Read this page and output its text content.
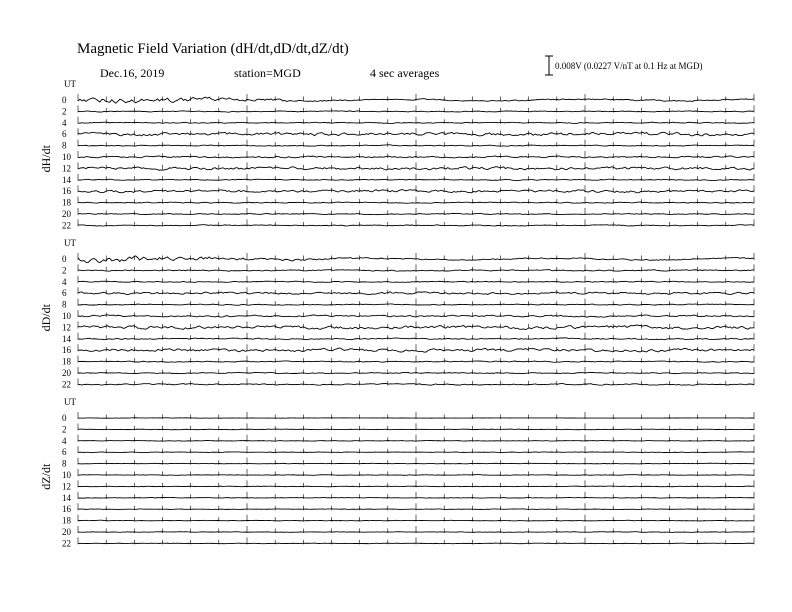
Magnetic Field Variation (dH/dt,dD/dt,dZ/dt)
Dec.16, 2019	station=MGD	4 sec averages	0.008V (0.0227 V/nT at 0.1 Hz at MGD)
UT
dH/dt
0
2
4
6
8
10
12
14
16
18
20
22
UT
dD/dt
0
2
4
6
8
10
12
14
16
18
20
22
UT
dZ/dt
0
2
4
6
8
10
12
14
16
18
20
22
